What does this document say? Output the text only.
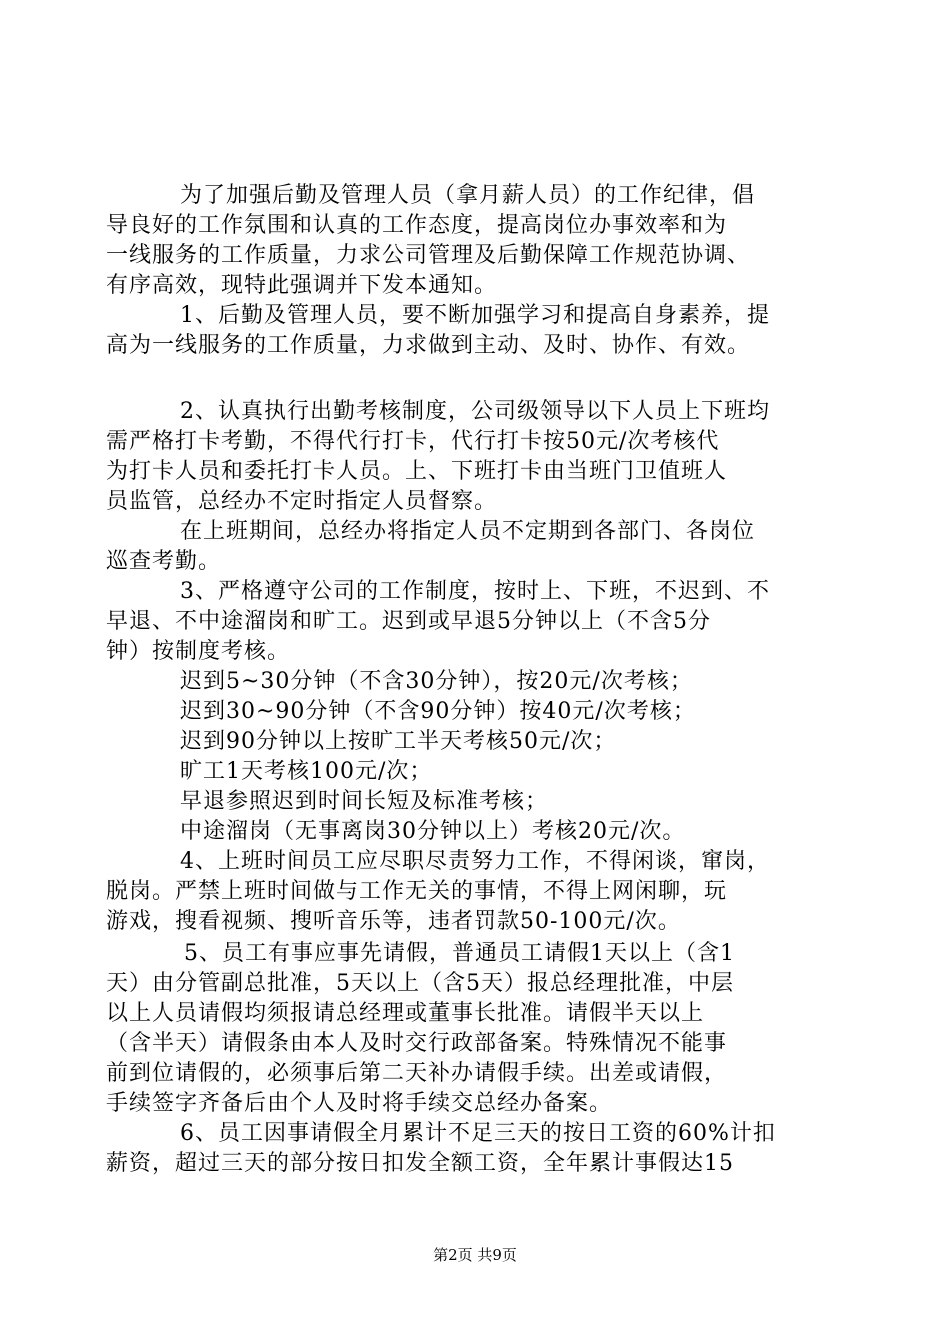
为了加强后勤及管理人员（拿月薪人员）的工作纪律，倡
导良好的工作氛围和认真的工作态度，提高岗位办事效率和为
一线服务的工作质量，力求公司管理及后勤保障工作规范协调、
有序高效，现特此强调并下发本通知。
1、后勤及管理人员，要不断加强学习和提高自身素养，提
高为一线服务的工作质量，力求做到主动、及时、协作、有效。
2、认真执行出勤考核制度，公司级领导以下人员上下班均
需严格打卡考勤，不得代行打卡，代行打卡按50元/次考核代
为打卡人员和委托打卡人员。上、下班打卡由当班门卫值班人
员监管，总经办不定时指定人员督察。
在上班期间，总经办将指定人员不定期到各部门、各岗位
巡查考勤。
3、严格遵守公司的工作制度，按时上、下班，不迟到、不
早退、不中途溜岗和旷工。迟到或早退5分钟以上（不含5分
钟）按制度考核。
迟到5~30分钟（不含30分钟），按20元/次考核；
迟到30~90分钟（不含90分钟）按40元/次考核；
迟到90分钟以上按旷工半天考核50元/次；
旷工1天考核100元/次；
早退参照迟到时间长短及标准考核；
中途溜岗（无事离岗30分钟以上）考核20元/次。
4、上班时间员工应尽职尽责努力工作，不得闲谈，窜岗，
脱岗。严禁上班时间做与工作无关的事情，不得上网闲聊，玩
游戏，搜看视频、搜听音乐等，违者罚款50-100元/次。
5、员工有事应事先请假，普通员工请假1天以上（含1
天）由分管副总批准，5天以上（含5天）报总经理批准，中层
以上人员请假均须报请总经理或董事长批准。请假半天以上
（含半天）请假条由本人及时交行政部备案。特殊情况不能事
前到位请假的，必须事后第二天补办请假手续。出差或请假，
手续签字齐备后由个人及时将手续交总经办备案。
6、员工因事请假全月累计不足三天的按日工资的60%计扣
薪资，超过三天的部分按日扣发全额工资，全年累计事假达15
第2页 共9页
